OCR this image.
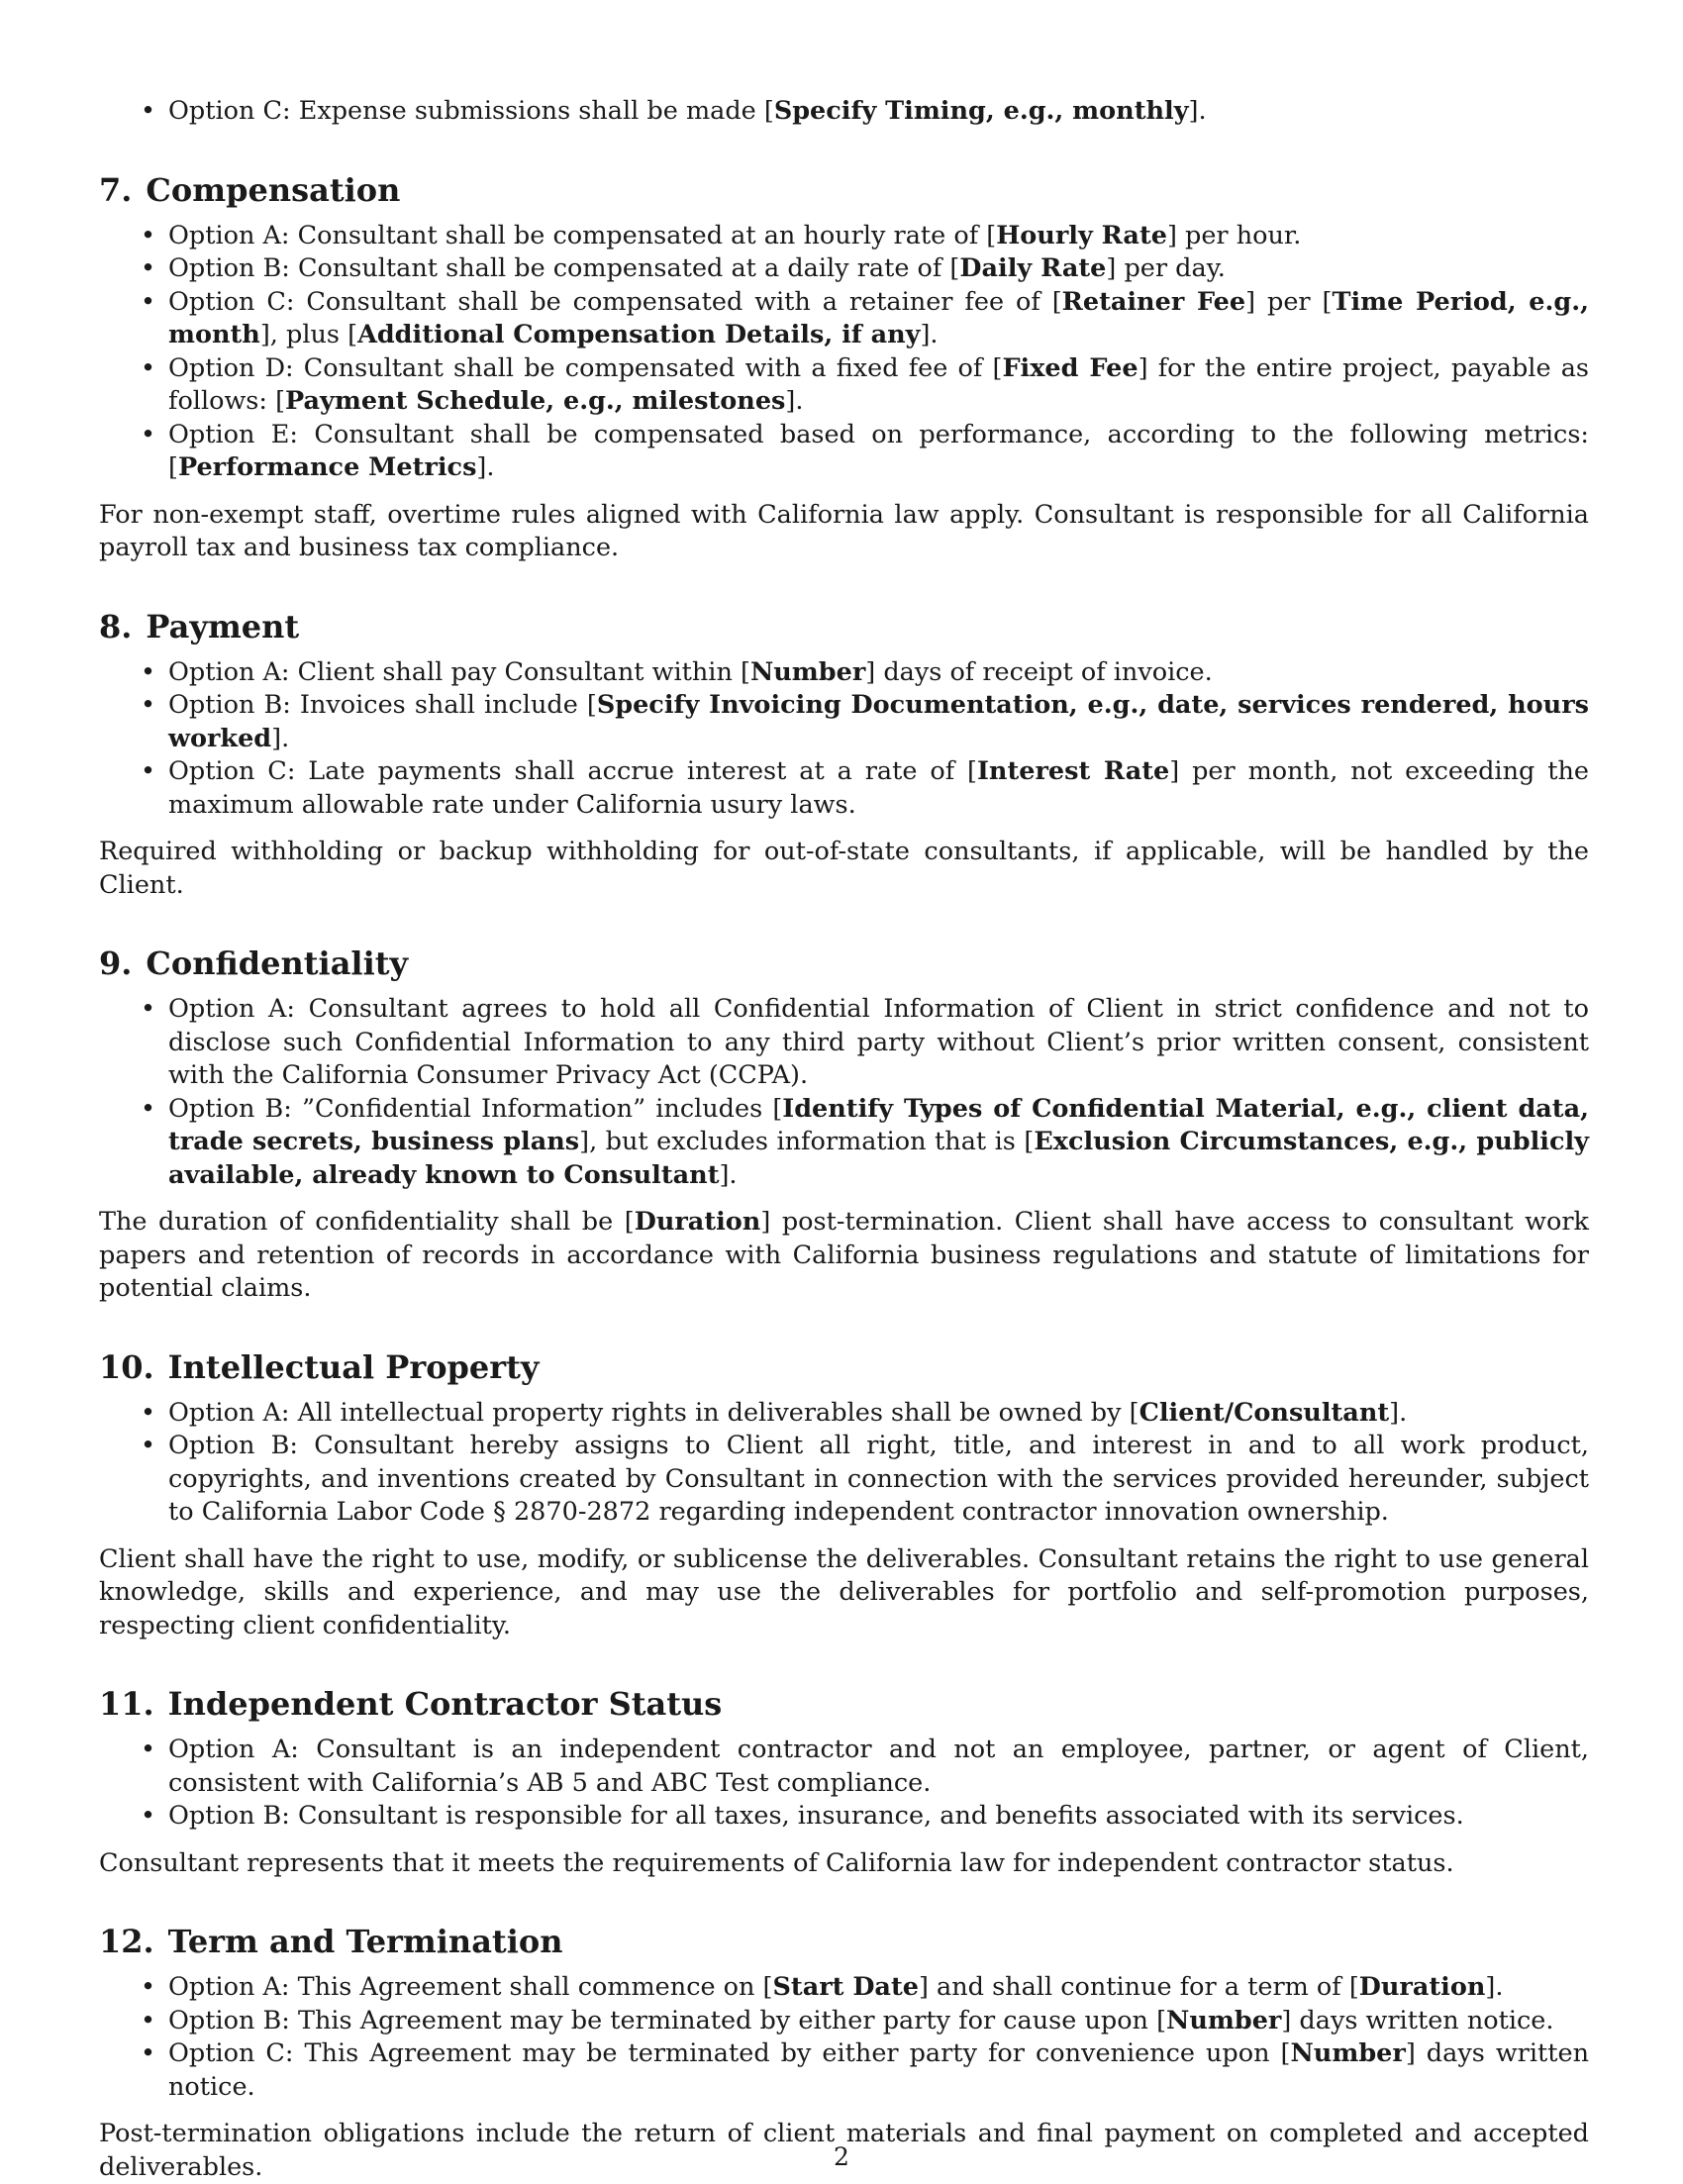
• Option C: Expense submissions shall be made [Specify Timing, e.g., monthly].
7. Compensation
• Option A: Consultant shall be compensated at an hourly rate of [Hourly Rate] per hour.
• Option B: Consultant shall be compensated at a daily rate of [Daily Rate] per day.
• Option C: Consultant shall be compensated with a retainer fee of [Retainer Fee] per [Time Period, e.g., month], plus [Additional Compensation Details, if any].
• Option D: Consultant shall be compensated with a fixed fee of [Fixed Fee] for the entire project, payable as follows: [Payment Schedule, e.g., milestones].
• Option E: Consultant shall be compensated based on performance, according to the following metrics: [Performance Metrics].

For non-exempt staff, overtime rules aligned with California law apply. Consultant is responsible for all California payroll tax and business tax compliance.

8. Payment
• Option A: Client shall pay Consultant within [Number] days of receipt of invoice.
• Option B: Invoices shall include [Specify Invoicing Documentation, e.g., date, services rendered, hours worked].
• Option C: Late payments shall accrue interest at a rate of [Interest Rate] per month, not exceeding the maximum allowable rate under California usury laws.

Required withholding or backup withholding for out-of-state consultants, if applicable, will be handled by the Client.

9. Confidentiality
• Option A: Consultant agrees to hold all Confidential Information of Client in strict confidence and not to disclose such Confidential Information to any third party without Client’s prior written consent, consistent with the California Consumer Privacy Act (CCPA).
• Option B: ”Confidential Information” includes [Identify Types of Confidential Material, e.g., client data, trade secrets, business plans], but excludes information that is [Exclusion Circumstances, e.g., publicly available, already known to Consultant].

The duration of confidentiality shall be [Duration] post-termination. Client shall have access to consultant work papers and retention of records in accordance with California business regulations and statute of limitations for potential claims.

10. Intellectual Property
• Option A: All intellectual property rights in deliverables shall be owned by [Client/Consultant].
• Option B: Consultant hereby assigns to Client all right, title, and interest in and to all work product, copyrights, and inventions created by Consultant in connection with the services provided hereunder, subject to California Labor Code § 2870-2872 regarding independent contractor innovation ownership.

Client shall have the right to use, modify, or sublicense the deliverables. Consultant retains the right to use general knowledge, skills and experience, and may use the deliverables for portfolio and self-promotion purposes, respecting client confidentiality.

11. Independent Contractor Status
• Option A: Consultant is an independent contractor and not an employee, partner, or agent of Client, consistent with California’s AB 5 and ABC Test compliance.
• Option B: Consultant is responsible for all taxes, insurance, and benefits associated with its services.

Consultant represents that it meets the requirements of California law for independent contractor status.

12. Term and Termination
• Option A: This Agreement shall commence on [Start Date] and shall continue for a term of [Duration].
• Option B: This Agreement may be terminated by either party for cause upon [Number] days written notice.
• Option C: This Agreement may be terminated by either party for convenience upon [Number] days written notice.

Post-termination obligations include the return of client materials and final payment on completed and accepted deliverables.	2
